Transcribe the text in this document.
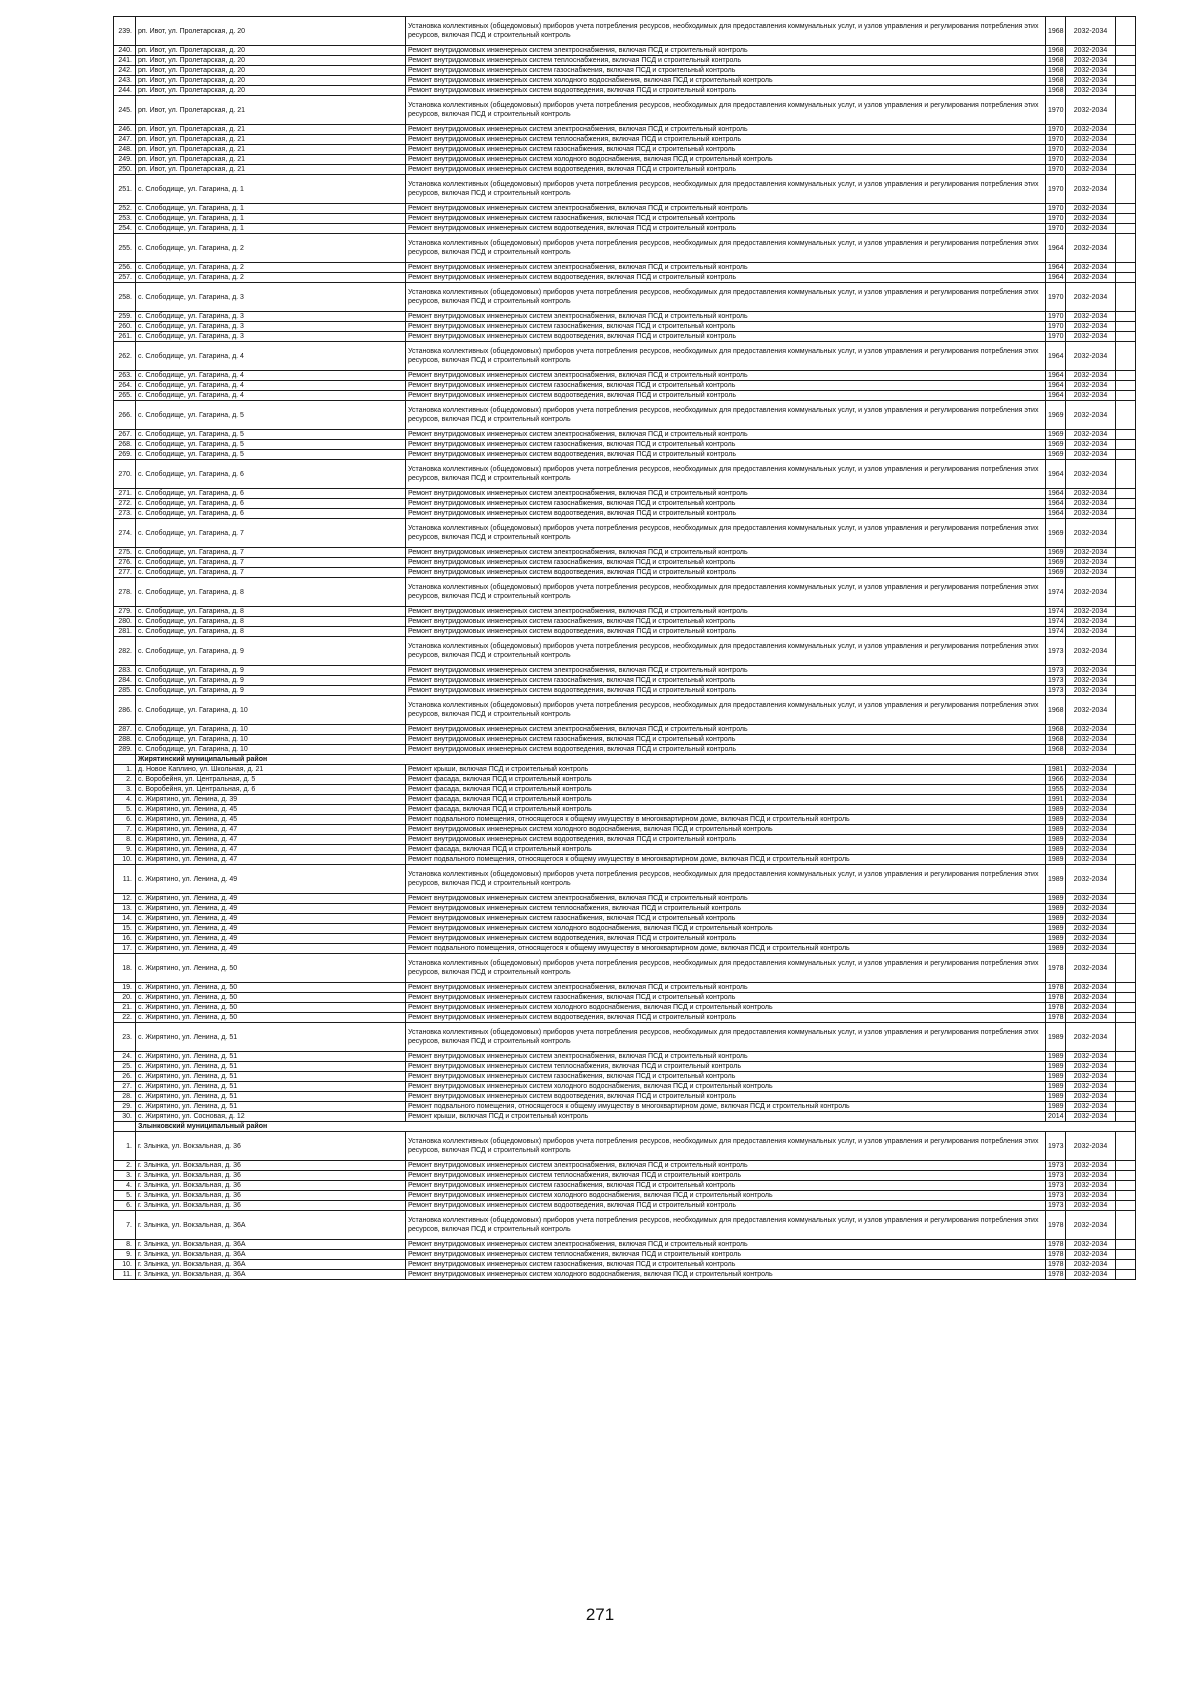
239.	рп. Ивот, ул. Пролетарская, д. 20	Установка коллективных (общедомовых) приборов учета потребления ресурсов, необходимых для предоставления коммунальных услуг, и узлов управления и регулирования потребления этих ресурсов, включая ПСД и строительный контроль	1968	2032-2034	
240.	рп. Ивот, ул. Пролетарская, д. 20	Ремонт внутридомовых инженерных систем электроснабжения, включая ПСД и строительный контроль	1968	2032-2034	
241.	рп. Ивот, ул. Пролетарская, д. 20	Ремонт внутридомовых инженерных систем теплоснабжения, включая ПСД и строительный контроль	1968	2032-2034	
242.	рп. Ивот, ул. Пролетарская, д. 20	Ремонт внутридомовых инженерных систем газоснабжения, включая ПСД и строительный контроль	1968	2032-2034	
243.	рп. Ивот, ул. Пролетарская, д. 20	Ремонт внутридомовых инженерных систем холодного водоснабжения, включая ПСД и строительный контроль	1968	2032-2034	
244.	рп. Ивот, ул. Пролетарская, д. 20	Ремонт внутридомовых инженерных систем водоотведения, включая ПСД и строительный контроль	1968	2032-2034	
245.	рп. Ивот, ул. Пролетарская, д. 21	Установка коллективных (общедомовых) приборов учета потребления ресурсов, необходимых для предоставления коммунальных услуг, и узлов управления и регулирования потребления этих ресурсов, включая ПСД и строительный контроль	1970	2032-2034	
246.	рп. Ивот, ул. Пролетарская, д. 21	Ремонт внутридомовых инженерных систем электроснабжения, включая ПСД и строительный контроль	1970	2032-2034	
247.	рп. Ивот, ул. Пролетарская, д. 21	Ремонт внутридомовых инженерных систем теплоснабжения, включая ПСД и строительный контроль	1970	2032-2034	
248.	рп. Ивот, ул. Пролетарская, д. 21	Ремонт внутридомовых инженерных систем газоснабжения, включая ПСД и строительный контроль	1970	2032-2034	
249.	рп. Ивот, ул. Пролетарская, д. 21	Ремонт внутридомовых инженерных систем холодного водоснабжения, включая ПСД и строительный контроль	1970	2032-2034	
250.	рп. Ивот, ул. Пролетарская, д. 21	Ремонт внутридомовых инженерных систем водоотведения, включая ПСД и строительный контроль	1970	2032-2034	
251.	с. Слободище, ул. Гагарина, д. 1	Установка коллективных (общедомовых) приборов учета потребления ресурсов, необходимых для предоставления коммунальных услуг, и узлов управления и регулирования потребления этих ресурсов, включая ПСД и строительный контроль	1970	2032-2034	
252.	с. Слободище, ул. Гагарина, д. 1	Ремонт внутридомовых инженерных систем электроснабжения, включая ПСД и строительный контроль	1970	2032-2034	
253.	с. Слободище, ул. Гагарина, д. 1	Ремонт внутридомовых инженерных систем газоснабжения, включая ПСД и строительный контроль	1970	2032-2034	
254.	с. Слободище, ул. Гагарина, д. 1	Ремонт внутридомовых инженерных систем водоотведения, включая ПСД и строительный контроль	1970	2032-2034	
255.	с. Слободище, ул. Гагарина, д. 2	Установка коллективных (общедомовых) приборов учета потребления ресурсов, необходимых для предоставления коммунальных услуг, и узлов управления и регулирования потребления этих ресурсов, включая ПСД и строительный контроль	1964	2032-2034	
256.	с. Слободище, ул. Гагарина, д. 2	Ремонт внутридомовых инженерных систем электроснабжения, включая ПСД и строительный контроль	1964	2032-2034	
257.	с. Слободище, ул. Гагарина, д. 2	Ремонт внутридомовых инженерных систем водоотведения, включая ПСД и строительный контроль	1964	2032-2034	
258.	с. Слободище, ул. Гагарина, д. 3	Установка коллективных (общедомовых) приборов учета потребления ресурсов, необходимых для предоставления коммунальных услуг, и узлов управления и регулирования потребления этих ресурсов, включая ПСД и строительный контроль	1970	2032-2034	
259.	с. Слободище, ул. Гагарина, д. 3	Ремонт внутридомовых инженерных систем электроснабжения, включая ПСД и строительный контроль	1970	2032-2034	
260.	с. Слободище, ул. Гагарина, д. 3	Ремонт внутридомовых инженерных систем газоснабжения, включая ПСД и строительный контроль	1970	2032-2034	
261.	с. Слободище, ул. Гагарина, д. 3	Ремонт внутридомовых инженерных систем водоотведения, включая ПСД и строительный контроль	1970	2032-2034	
262.	с. Слободище, ул. Гагарина, д. 4	Установка коллективных (общедомовых) приборов учета потребления ресурсов, необходимых для предоставления коммунальных услуг, и узлов управления и регулирования потребления этих ресурсов, включая ПСД и строительный контроль	1964	2032-2034	
263.	с. Слободище, ул. Гагарина, д. 4	Ремонт внутридомовых инженерных систем электроснабжения, включая ПСД и строительный контроль	1964	2032-2034	
264.	с. Слободище, ул. Гагарина, д. 4	Ремонт внутридомовых инженерных систем газоснабжения, включая ПСД и строительный контроль	1964	2032-2034	
265.	с. Слободище, ул. Гагарина, д. 4	Ремонт внутридомовых инженерных систем водоотведения, включая ПСД и строительный контроль	1964	2032-2034	
266.	с. Слободище, ул. Гагарина, д. 5	Установка коллективных (общедомовых) приборов учета потребления ресурсов, необходимых для предоставления коммунальных услуг, и узлов управления и регулирования потребления этих ресурсов, включая ПСД и строительный контроль	1969	2032-2034	
267.	с. Слободище, ул. Гагарина, д. 5	Ремонт внутридомовых инженерных систем электроснабжения, включая ПСД и строительный контроль	1969	2032-2034	
268.	с. Слободище, ул. Гагарина, д. 5	Ремонт внутридомовых инженерных систем газоснабжения, включая ПСД и строительный контроль	1969	2032-2034	
269.	с. Слободище, ул. Гагарина, д. 5	Ремонт внутридомовых инженерных систем водоотведения, включая ПСД и строительный контроль	1969	2032-2034	
270.	с. Слободище, ул. Гагарина, д. 6	Установка коллективных (общедомовых) приборов учета потребления ресурсов, необходимых для предоставления коммунальных услуг, и узлов управления и регулирования потребления этих ресурсов, включая ПСД и строительный контроль	1964	2032-2034	
271.	с. Слободище, ул. Гагарина, д. 6	Ремонт внутридомовых инженерных систем электроснабжения, включая ПСД и строительный контроль	1964	2032-2034	
272.	с. Слободище, ул. Гагарина, д. 6	Ремонт внутридомовых инженерных систем газоснабжения, включая ПСД и строительный контроль	1964	2032-2034	
273.	с. Слободище, ул. Гагарина, д. 6	Ремонт внутридомовых инженерных систем водоотведения, включая ПСД и строительный контроль	1964	2032-2034	
274.	с. Слободище, ул. Гагарина, д. 7	Установка коллективных (общедомовых) приборов учета потребления ресурсов, необходимых для предоставления коммунальных услуг, и узлов управления и регулирования потребления этих ресурсов, включая ПСД и строительный контроль	1969	2032-2034	
275.	с. Слободище, ул. Гагарина, д. 7	Ремонт внутридомовых инженерных систем электроснабжения, включая ПСД и строительный контроль	1969	2032-2034	
276.	с. Слободище, ул. Гагарина, д. 7	Ремонт внутридомовых инженерных систем газоснабжения, включая ПСД и строительный контроль	1969	2032-2034	
277.	с. Слободище, ул. Гагарина, д. 7	Ремонт внутридомовых инженерных систем водоотведения, включая ПСД и строительный контроль	1969	2032-2034	
278.	с. Слободище, ул. Гагарина, д. 8	Установка коллективных (общедомовых) приборов учета потребления ресурсов, необходимых для предоставления коммунальных услуг, и узлов управления и регулирования потребления этих ресурсов, включая ПСД и строительный контроль	1974	2032-2034	
279.	с. Слободище, ул. Гагарина, д. 8	Ремонт внутридомовых инженерных систем электроснабжения, включая ПСД и строительный контроль	1974	2032-2034	
280.	с. Слободище, ул. Гагарина, д. 8	Ремонт внутридомовых инженерных систем газоснабжения, включая ПСД и строительный контроль	1974	2032-2034	
281.	с. Слободище, ул. Гагарина, д. 8	Ремонт внутридомовых инженерных систем водоотведения, включая ПСД и строительный контроль	1974	2032-2034	
282.	с. Слободище, ул. Гагарина, д. 9	Установка коллективных (общедомовых) приборов учета потребления ресурсов, необходимых для предоставления коммунальных услуг, и узлов управления и регулирования потребления этих ресурсов, включая ПСД и строительный контроль	1973	2032-2034	
283.	с. Слободище, ул. Гагарина, д. 9	Ремонт внутридомовых инженерных систем электроснабжения, включая ПСД и строительный контроль	1973	2032-2034	
284.	с. Слободище, ул. Гагарина, д. 9	Ремонт внутридомовых инженерных систем газоснабжения, включая ПСД и строительный контроль	1973	2032-2034	
285.	с. Слободище, ул. Гагарина, д. 9	Ремонт внутридомовых инженерных систем водоотведения, включая ПСД и строительный контроль	1973	2032-2034	
286.	с. Слободище, ул. Гагарина, д. 10	Установка коллективных (общедомовых) приборов учета потребления ресурсов, необходимых для предоставления коммунальных услуг, и узлов управления и регулирования потребления этих ресурсов, включая ПСД и строительный контроль	1968	2032-2034	
287.	с. Слободище, ул. Гагарина, д. 10	Ремонт внутридомовых инженерных систем электроснабжения, включая ПСД и строительный контроль	1968	2032-2034	
288.	с. Слободище, ул. Гагарина, д. 10	Ремонт внутридомовых инженерных систем газоснабжения, включая ПСД и строительный контроль	1968	2032-2034	
289.	с. Слободище, ул. Гагарина, д. 10	Ремонт внутридомовых инженерных систем водоотведения, включая ПСД и строительный контроль	1968	2032-2034	
	Жирятинский муниципальный район				
1.	д. Новое Каплино, ул. Школьная, д. 21	Ремонт крыши, включая ПСД и строительный контроль	1981	2032-2034	
2.	с. Воробейня, ул. Центральная, д. 5	Ремонт фасада, включая ПСД и строительный контроль	1966	2032-2034	
3.	с. Воробейня, ул. Центральная, д. 6	Ремонт фасада, включая ПСД и строительный контроль	1955	2032-2034	
4.	с. Жирятино, ул. Ленина, д. 39	Ремонт фасада, включая ПСД и строительный контроль	1991	2032-2034	
5.	с. Жирятино, ул. Ленина, д. 45	Ремонт фасада, включая ПСД и строительный контроль	1989	2032-2034	
6.	с. Жирятино, ул. Ленина, д. 45	Ремонт подвального помещения, относящегося к общему имуществу в многоквартирном доме, включая ПСД и строительный контроль	1989	2032-2034	
7.	с. Жирятино, ул. Ленина, д. 47	Ремонт внутридомовых инженерных систем холодного водоснабжения, включая ПСД и строительный контроль	1989	2032-2034	
8.	с. Жирятино, ул. Ленина, д. 47	Ремонт внутридомовых инженерных систем водоотведения, включая ПСД и строительный контроль	1989	2032-2034	
9.	с. Жирятино, ул. Ленина, д. 47	Ремонт фасада, включая ПСД и строительный контроль	1989	2032-2034	
10.	с. Жирятино, ул. Ленина, д. 47	Ремонт подвального помещения, относящегося к общему имуществу в многоквартирном доме, включая ПСД и строительный контроль	1989	2032-2034	
11.	с. Жирятино, ул. Ленина, д. 49	Установка коллективных (общедомовых) приборов учета потребления ресурсов, необходимых для предоставления коммунальных услуг, и узлов управления и регулирования потребления этих ресурсов, включая ПСД и строительный контроль	1989	2032-2034	
12.	с. Жирятино, ул. Ленина, д. 49	Ремонт внутридомовых инженерных систем электроснабжения, включая ПСД и строительный контроль	1989	2032-2034	
13.	с. Жирятино, ул. Ленина, д. 49	Ремонт внутридомовых инженерных систем теплоснабжения, включая ПСД и строительный контроль	1989	2032-2034	
14.	с. Жирятино, ул. Ленина, д. 49	Ремонт внутридомовых инженерных систем газоснабжения, включая ПСД и строительный контроль	1989	2032-2034	
15.	с. Жирятино, ул. Ленина, д. 49	Ремонт внутридомовых инженерных систем холодного водоснабжения, включая ПСД и строительный контроль	1989	2032-2034	
16.	с. Жирятино, ул. Ленина, д. 49	Ремонт внутридомовых инженерных систем водоотведения, включая ПСД и строительный контроль	1989	2032-2034	
17.	с. Жирятино, ул. Ленина, д. 49	Ремонт подвального помещения, относящегося к общему имуществу в многоквартирном доме, включая ПСД и строительный контроль	1989	2032-2034	
18.	с. Жирятино, ул. Ленина, д. 50	Установка коллективных (общедомовых) приборов учета потребления ресурсов, необходимых для предоставления коммунальных услуг, и узлов управления и регулирования потребления этих ресурсов, включая ПСД и строительный контроль	1978	2032-2034	
19.	с. Жирятино, ул. Ленина, д. 50	Ремонт внутридомовых инженерных систем электроснабжения, включая ПСД и строительный контроль	1978	2032-2034	
20.	с. Жирятино, ул. Ленина, д. 50	Ремонт внутридомовых инженерных систем газоснабжения, включая ПСД и строительный контроль	1978	2032-2034	
21.	с. Жирятино, ул. Ленина, д. 50	Ремонт внутридомовых инженерных систем холодного водоснабжения, включая ПСД и строительный контроль	1978	2032-2034	
22.	с. Жирятино, ул. Ленина, д. 50	Ремонт внутридомовых инженерных систем водоотведения, включая ПСД и строительный контроль	1978	2032-2034	
23.	с. Жирятино, ул. Ленина, д. 51	Установка коллективных (общедомовых) приборов учета потребления ресурсов, необходимых для предоставления коммунальных услуг, и узлов управления и регулирования потребления этих ресурсов, включая ПСД и строительный контроль	1989	2032-2034	
24.	с. Жирятино, ул. Ленина, д. 51	Ремонт внутридомовых инженерных систем электроснабжения, включая ПСД и строительный контроль	1989	2032-2034	
25.	с. Жирятино, ул. Ленина, д. 51	Ремонт внутридомовых инженерных систем теплоснабжения, включая ПСД и строительный контроль	1989	2032-2034	
26.	с. Жирятино, ул. Ленина, д. 51	Ремонт внутридомовых инженерных систем газоснабжения, включая ПСД и строительный контроль	1989	2032-2034	
27.	с. Жирятино, ул. Ленина, д. 51	Ремонт внутридомовых инженерных систем холодного водоснабжения, включая ПСД и строительный контроль	1989	2032-2034	
28.	с. Жирятино, ул. Ленина, д. 51	Ремонт внутридомовых инженерных систем водоотведения, включая ПСД и строительный контроль	1989	2032-2034	
29.	с. Жирятино, ул. Ленина, д. 51	Ремонт подвального помещения, относящегося к общему имуществу в многоквартирном доме, включая ПСД и строительный контроль	1989	2032-2034	
30.	с. Жирятино, ул. Сосновая, д. 12	Ремонт крыши, включая ПСД и строительный контроль	2014	2032-2034	
	Злынковский муниципальный район				
1.	г. Злынка, ул. Вокзальная, д. 36	Установка коллективных (общедомовых) приборов учета потребления ресурсов, необходимых для предоставления коммунальных услуг, и узлов управления и регулирования потребления этих ресурсов, включая ПСД и строительный контроль	1973	2032-2034	
2.	г. Злынка, ул. Вокзальная, д. 36	Ремонт внутридомовых инженерных систем электроснабжения, включая ПСД и строительный контроль	1973	2032-2034	
3.	г. Злынка, ул. Вокзальная, д. 36	Ремонт внутридомовых инженерных систем теплоснабжения, включая ПСД и строительный контроль	1973	2032-2034	
4.	г. Злынка, ул. Вокзальная, д. 36	Ремонт внутридомовых инженерных систем газоснабжения, включая ПСД и строительный контроль	1973	2032-2034	
5.	г. Злынка, ул. Вокзальная, д. 36	Ремонт внутридомовых инженерных систем холодного водоснабжения, включая ПСД и строительный контроль	1973	2032-2034	
6.	г. Злынка, ул. Вокзальная, д. 36	Ремонт внутридомовых инженерных систем водоотведения, включая ПСД и строительный контроль	1973	2032-2034	
7.	г. Злынка, ул. Вокзальная, д. 36А	Установка коллективных (общедомовых) приборов учета потребления ресурсов, необходимых для предоставления коммунальных услуг, и узлов управления и регулирования потребления этих ресурсов, включая ПСД и строительный контроль	1978	2032-2034	
8.	г. Злынка, ул. Вокзальная, д. 36А	Ремонт внутридомовых инженерных систем электроснабжения, включая ПСД и строительный контроль	1978	2032-2034	
9.	г. Злынка, ул. Вокзальная, д. 36А	Ремонт внутридомовых инженерных систем теплоснабжения, включая ПСД и строительный контроль	1978	2032-2034	
10.	г. Злынка, ул. Вокзальная, д. 36А	Ремонт внутридомовых инженерных систем газоснабжения, включая ПСД и строительный контроль	1978	2032-2034	
11.	г. Злынка, ул. Вокзальная, д. 36А	Ремонт внутридомовых инженерных систем холодного водоснабжения, включая ПСД и строительный контроль	1978	2032-2034	
271
